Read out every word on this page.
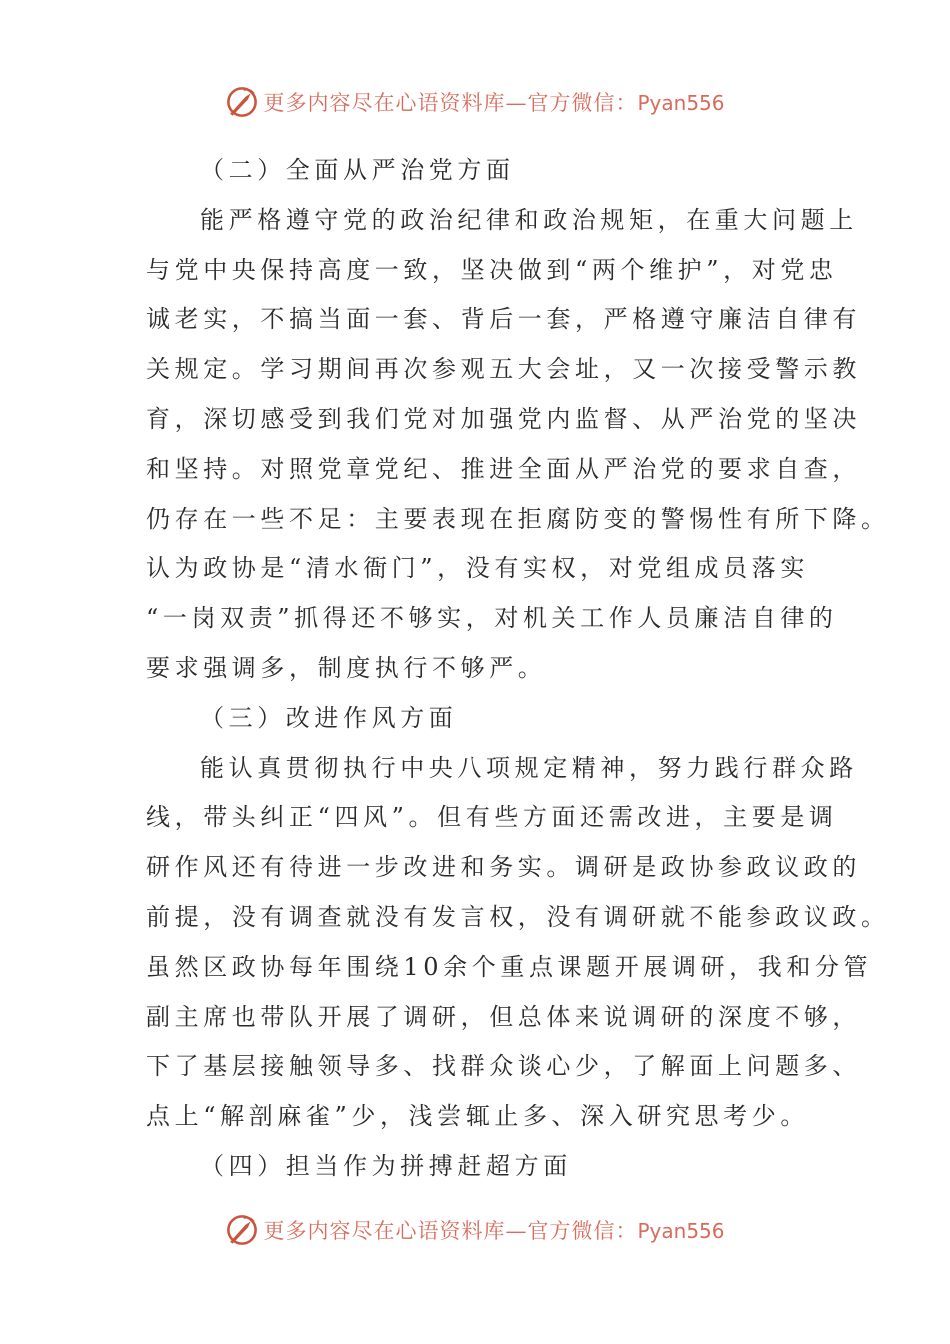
更多内容尽在心语资料库—官方微信：Pyan556
（二）全面从严治党方面
能严格遵守党的政治纪律和政治规矩，在重大问题上
与党中央保持高度一致，坚决做到“两个维护”，对党忠
诚老实，不搞当面一套、背后一套，严格遵守廉洁自律有
关规定。学习期间再次参观五大会址，又一次接受警示教
育，深切感受到我们党对加强党内监督、从严治党的坚决
和坚持。对照党章党纪、推进全面从严治党的要求自查，
仍存在一些不足：主要表现在拒腐防变的警惕性有所下降。
认为政协是“清水衙门”，没有实权，对党组成员落实
“一岗双责”抓得还不够实，对机关工作人员廉洁自律的
要求强调多，制度执行不够严。
（三）改进作风方面
能认真贯彻执行中央八项规定精神，努力践行群众路
线，带头纠正“四风”。但有些方面还需改进，主要是调
研作风还有待进一步改进和务实。调研是政协参政议政的
前提，没有调查就没有发言权，没有调研就不能参政议政。
虽然区政协每年围绕10余个重点课题开展调研，我和分管
副主席也带队开展了调研，但总体来说调研的深度不够，
下了基层接触领导多、找群众谈心少，了解面上问题多、
点上“解剖麻雀”少，浅尝辄止多、深入研究思考少。
（四）担当作为拼搏赶超方面
更多内容尽在心语资料库—官方微信：Pyan556
